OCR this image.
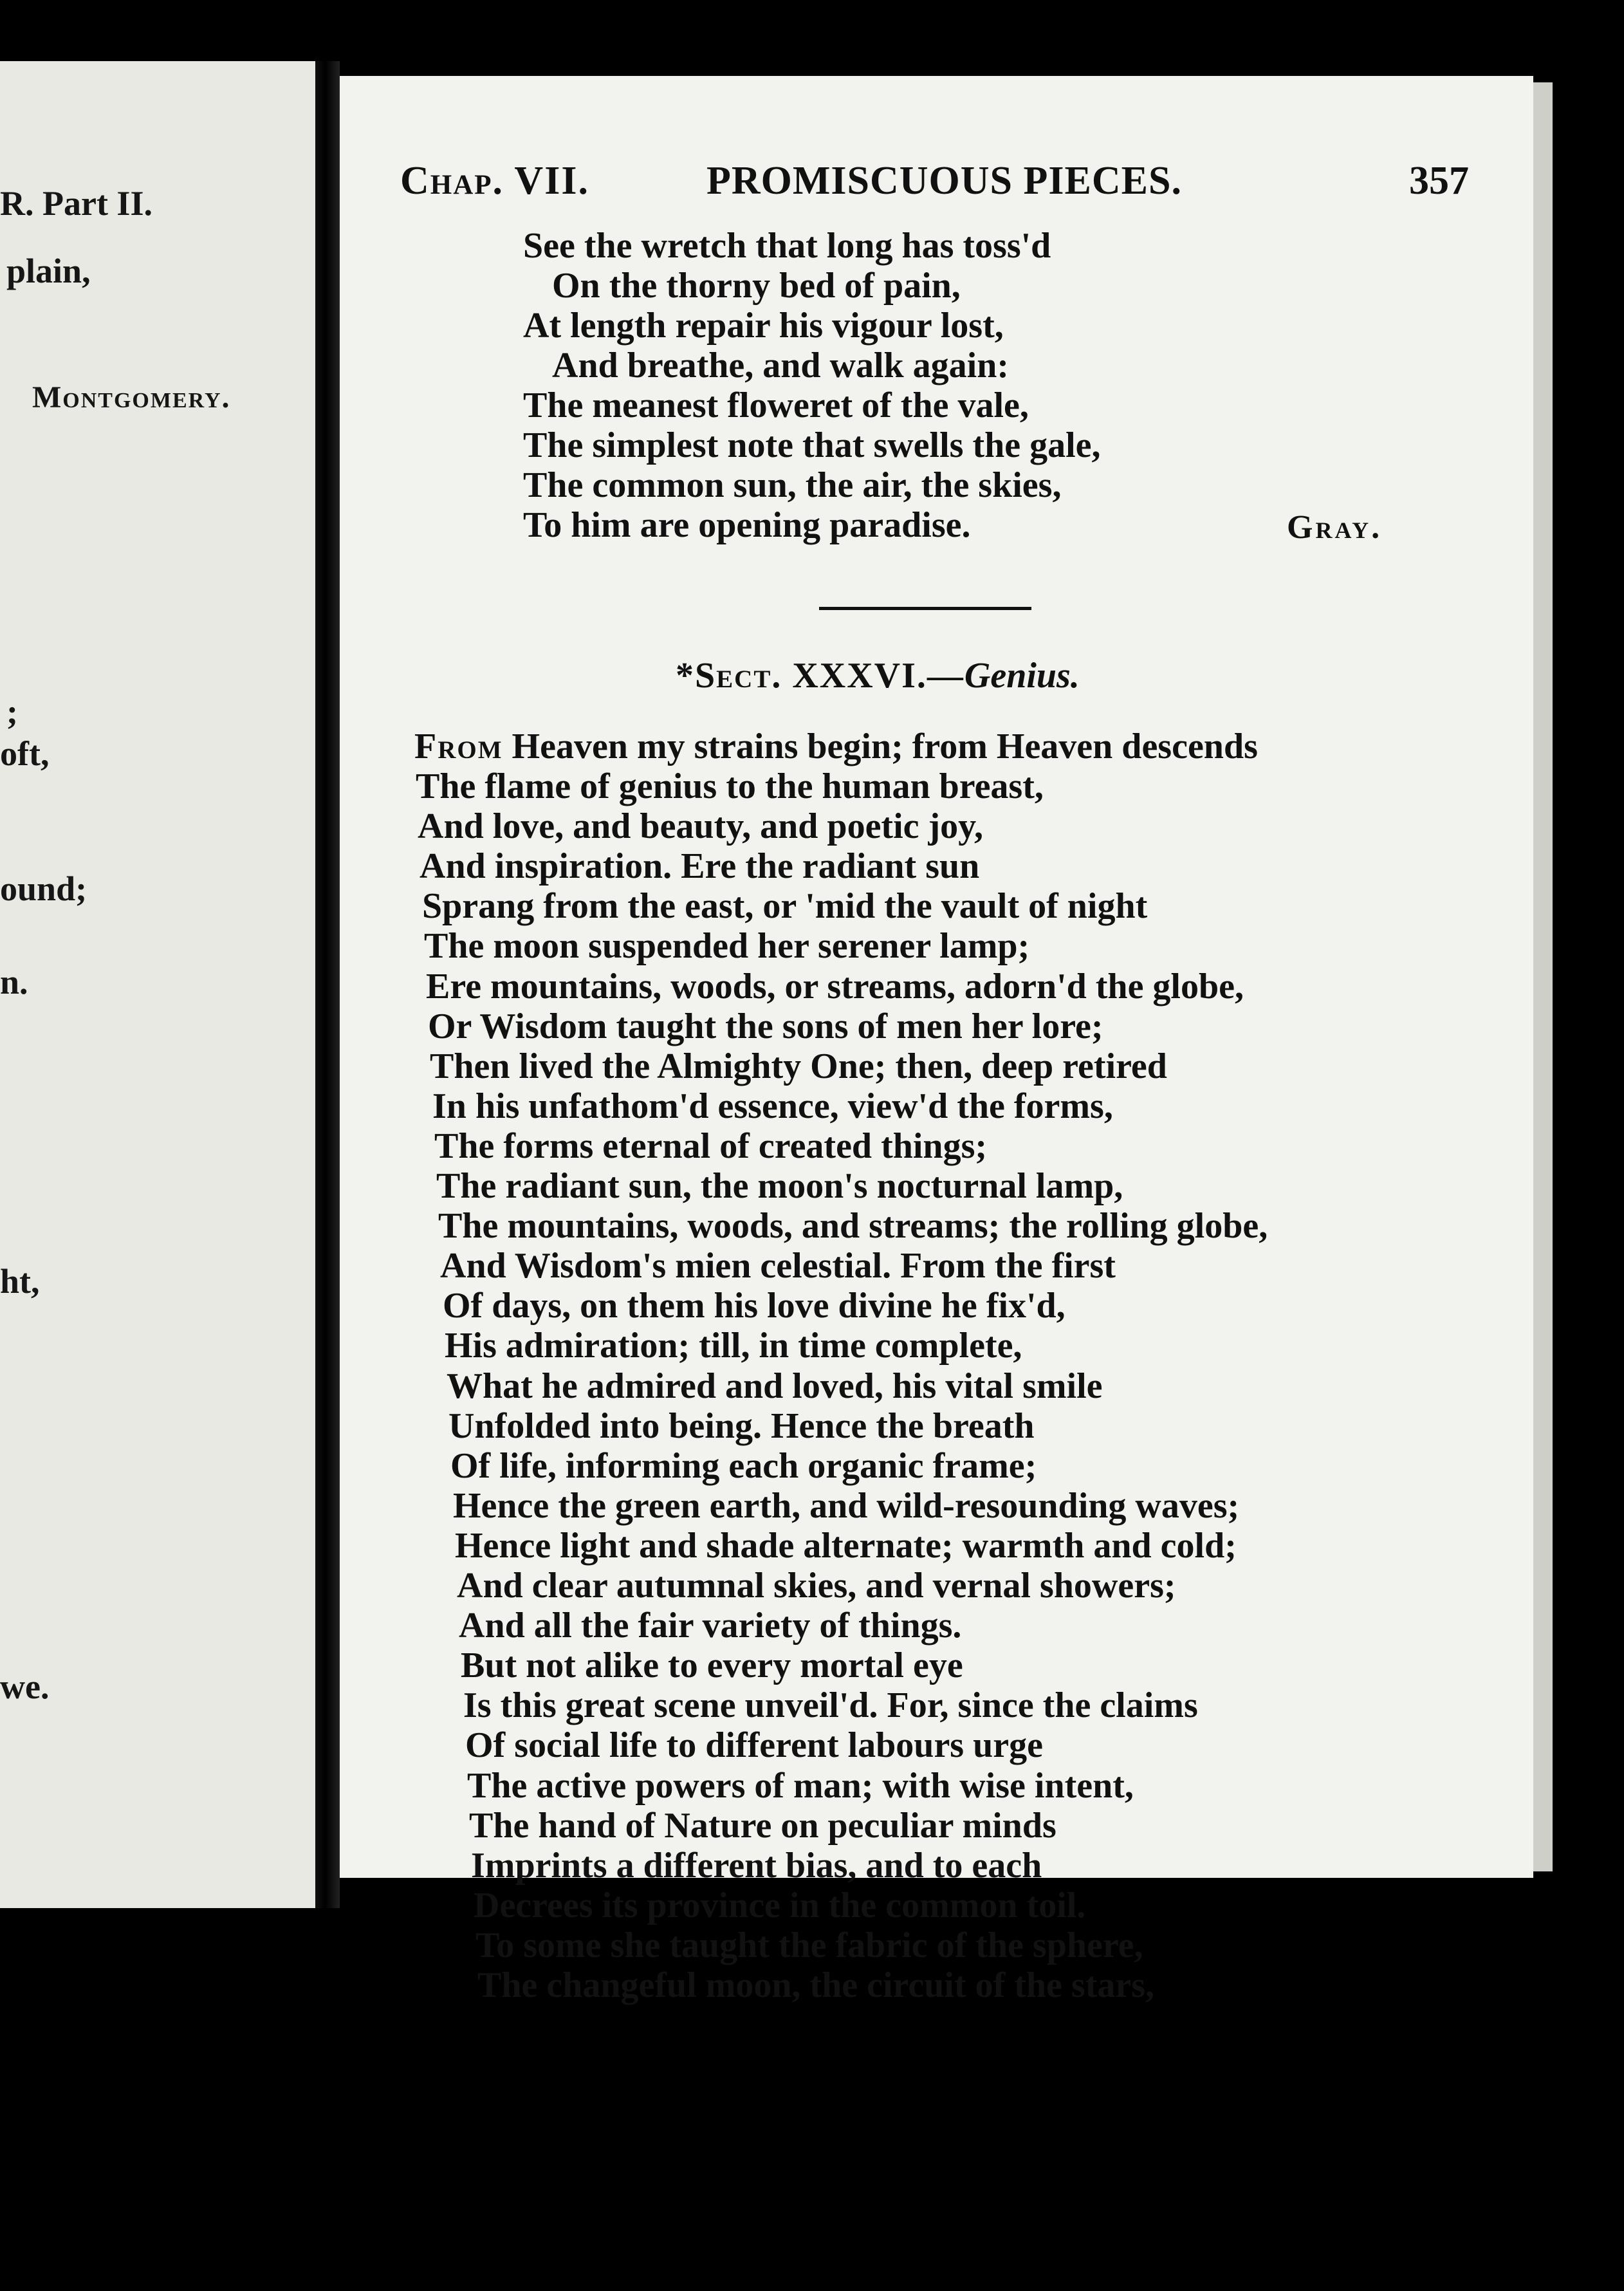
R. Part II.
plain,
Montgomery.
;
oft,
ound;
n.
ht,
we.
Chap. VII.	PROMISCUOUS PIECES.	357
See the wretch that long has toss'd
On the thorny bed of pain,
At length repair his vigour lost,
And breathe, and walk again:
The meanest floweret of the vale,
The simplest note that swells the gale,
The common sun, the air, the skies,
To him are opening paradise.	Gray.
*Sect. XXXVI.—Genius.
From Heaven my strains begin; from Heaven descends
The flame of genius to the human breast,
And love, and beauty, and poetic joy,
And inspiration. Ere the radiant sun
Sprang from the east, or 'mid the vault of night
The moon suspended her serener lamp;
Ere mountains, woods, or streams, adorn'd the globe,
Or Wisdom taught the sons of men her lore;
Then lived the Almighty One; then, deep retired
In his unfathom'd essence, view'd the forms,
The forms eternal of created things;
The radiant sun, the moon's nocturnal lamp,
The mountains, woods, and streams; the rolling globe,
And Wisdom's mien celestial. From the first
Of days, on them his love divine he fix'd,
His admiration; till, in time complete,
What he admired and loved, his vital smile
Unfolded into being. Hence the breath
Of life, informing each organic frame;
Hence the green earth, and wild-resounding waves;
Hence light and shade alternate; warmth and cold;
And clear autumnal skies, and vernal showers;
And all the fair variety of things.
But not alike to every mortal eye
Is this great scene unveil'd. For, since the claims
Of social life to different labours urge
The active powers of man; with wise intent,
The hand of Nature on peculiar minds
Imprints a different bias, and to each
Decrees its province in the common toil.
To some she taught the fabric of the sphere,
The changeful moon, the circuit of the stars,
